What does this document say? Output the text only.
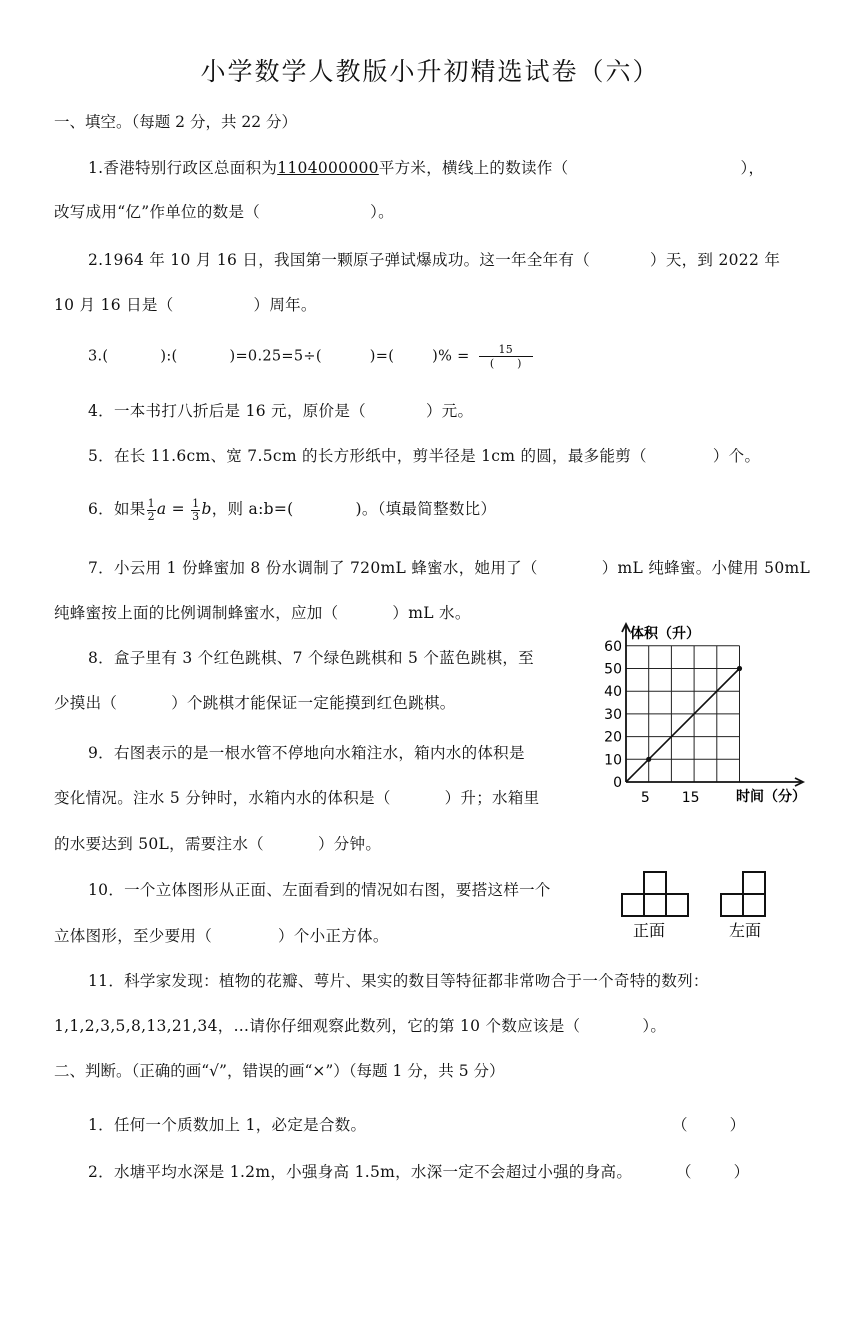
小学数学人教版小升初精选试卷（六）
一、填空。（每题 2 分，共 22 分）
1.香港特别行政区总面积为1104000000平方米，横线上的数读作（	），
改写成用“亿”作单位的数是（	）。
2.1964 年 10 月 16 日，我国第一颗原子弹试爆成功。这一年全年有（	）天，到 2022 年
10 月 16 日是（	）周年。
3.(	):(	)=0.25=5÷(	)=(	)% = $\frac{15}{( )}$
4．一本书打八折后是 16 元，原价是（	）元。
5．在长 11.6cm、宽 7.5cm 的长方形纸中，剪半径是 1cm 的圆，最多能剪（	）个。
6．如果 $\frac{1}{2}$ $a = \frac{1}{3}$ b，则 a:b=(	)。（填最简整数比）
7．小云用 1 份蜂蜜加 8 份水调制了 720mL 蜂蜜水，她用了（	）mL 纯蜂蜜。小健用 50mL
纯蜂蜜按上面的比例调制蜂蜜水，应加（	）mL 水。
8．盒子里有 3 个红色跳棋、7 个绿色跳棋和 5 个蓝色跳棋，至
少摸出（	）个跳棋才能保证一定能摸到红色跳棋。
9．右图表示的是一根水管不停地向水箱注水，箱内水的体积是
变化情况。注水 5 分钟时，水箱内水的体积是（	）升；水箱里
的水要达到 50L，需要注水（	）分钟。
0
10
20
30
40
50
60
5 15
体积（升）
时间（分）
10．一个立体图形从正面、左面看到的情况如右图，要搭这样一个
立体图形，至少要用（	）个小正方体。	正面	左面
11．科学家发现：植物的花瓣、萼片、果实的数目等特征都非常吻合于一个奇特的数列：
1,1,2,3,5,8,13,21,34，…请你仔细观察此数列，它的第 10 个数应该是（	）。
二、判断。（正确的画“√”，错误的画“×”）（每题 1 分，共 5 分）
1．任何一个质数加上 1，必定是合数。	（        ）
2．水塘平均水深是 1.2m，小强身高 1.5m，水深一定不会超过小强的身高。	（        ）
